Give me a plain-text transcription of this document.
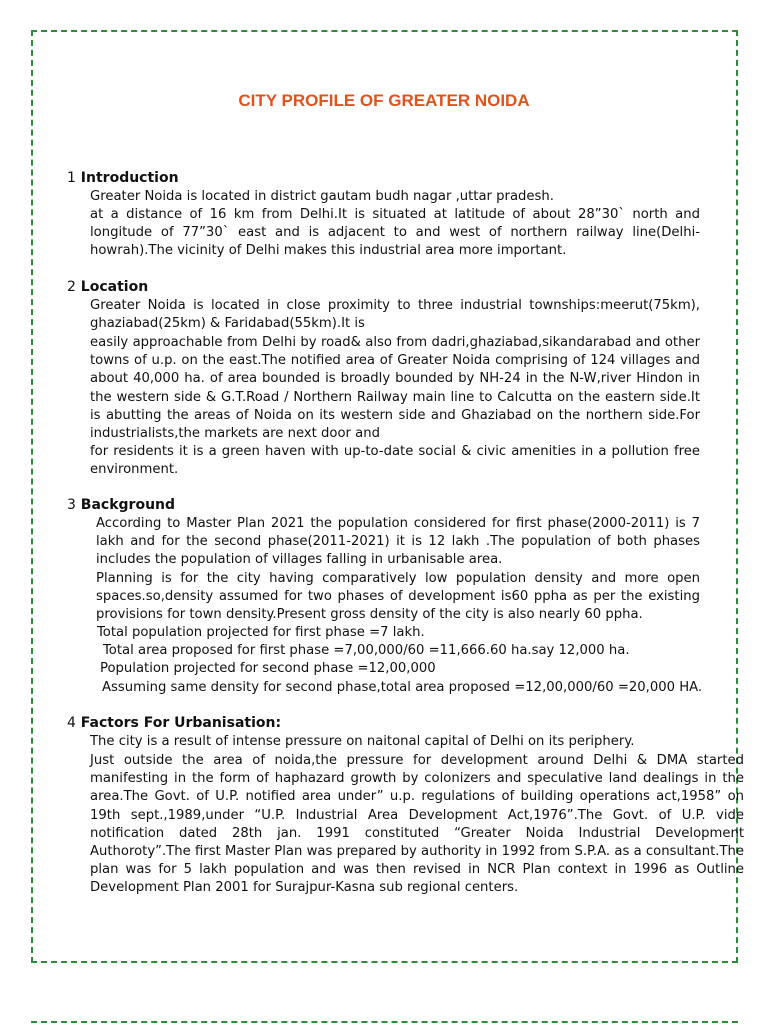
CITY PROFILE OF GREATER NOIDA
1 Introduction
Greater Noida is located in district gautam budh nagar ,uttar pradesh.
at a distance of 16 km from Delhi.It is situated at latitude of about 28”30` north and longitude of 77”30` east and is adjacent to and west of northern railway line(Delhi-howrah).The vicinity of Delhi makes this industrial area more important.
2 Location
Greater Noida is located in close proximity to three industrial townships:meerut(75km), ghaziabad(25km) & Faridabad(55km).It is
easily approachable from Delhi by road& also from dadri,ghaziabad,sikandarabad and other towns of u.p. on the east.The notified area of Greater Noida comprising of 124 villages and about 40,000 ha. of area bounded is broadly bounded by NH-24 in the N-W,river Hindon in the western side & G.T.Road / Northern Railway main line to Calcutta on the eastern side.It is abutting the areas of Noida on its western side and Ghaziabad on the northern side.For industrialists,the markets are next door and
for residents it is a green haven with up-to-date social & civic amenities in a pollution free environment.
3 Background
According to Master Plan 2021 the population considered for first phase(2000-2011) is 7 lakh and for the second phase(2011-2021) it is 12 lakh .The population of both phases includes the population of villages falling in urbanisable area.
Planning is for the city having comparatively low population density and more open spaces.so,density assumed for two phases of development is60 ppha as per the existing provisions for town density.Present gross density of the city is also nearly 60 ppha.
Total population projected for first phase =7 lakh.
Total area proposed for first phase =7,00,000/60 =11,666.60 ha.say 12,000 ha.
Population projected for second phase =12,00,000
Assuming same density for second phase,total area proposed =12,00,000/60 =20,000 HA.
4 Factors For Urbanisation:
The city is a result of intense pressure on naitonal capital of Delhi on its periphery.
Just outside the area of noida,the pressure for development around Delhi & DMA started manifesting in the form of haphazard growth by colonizers and speculative land dealings in the area.The Govt. of U.P. notified area under” u.p. regulations of building operations act,1958” on 19th sept.,1989,under “U.P. Industrial Area Development Act,1976”.The Govt. of U.P. vide notification dated 28th jan. 1991 constituted “Greater Noida Industrial Development Authoroty”.The first Master Plan was prepared by authority in 1992 from S.P.A. as a consultant.The plan was for 5 lakh population and was then revised in NCR Plan context in 1996 as Outline Development Plan 2001 for Surajpur-Kasna sub regional centers.
